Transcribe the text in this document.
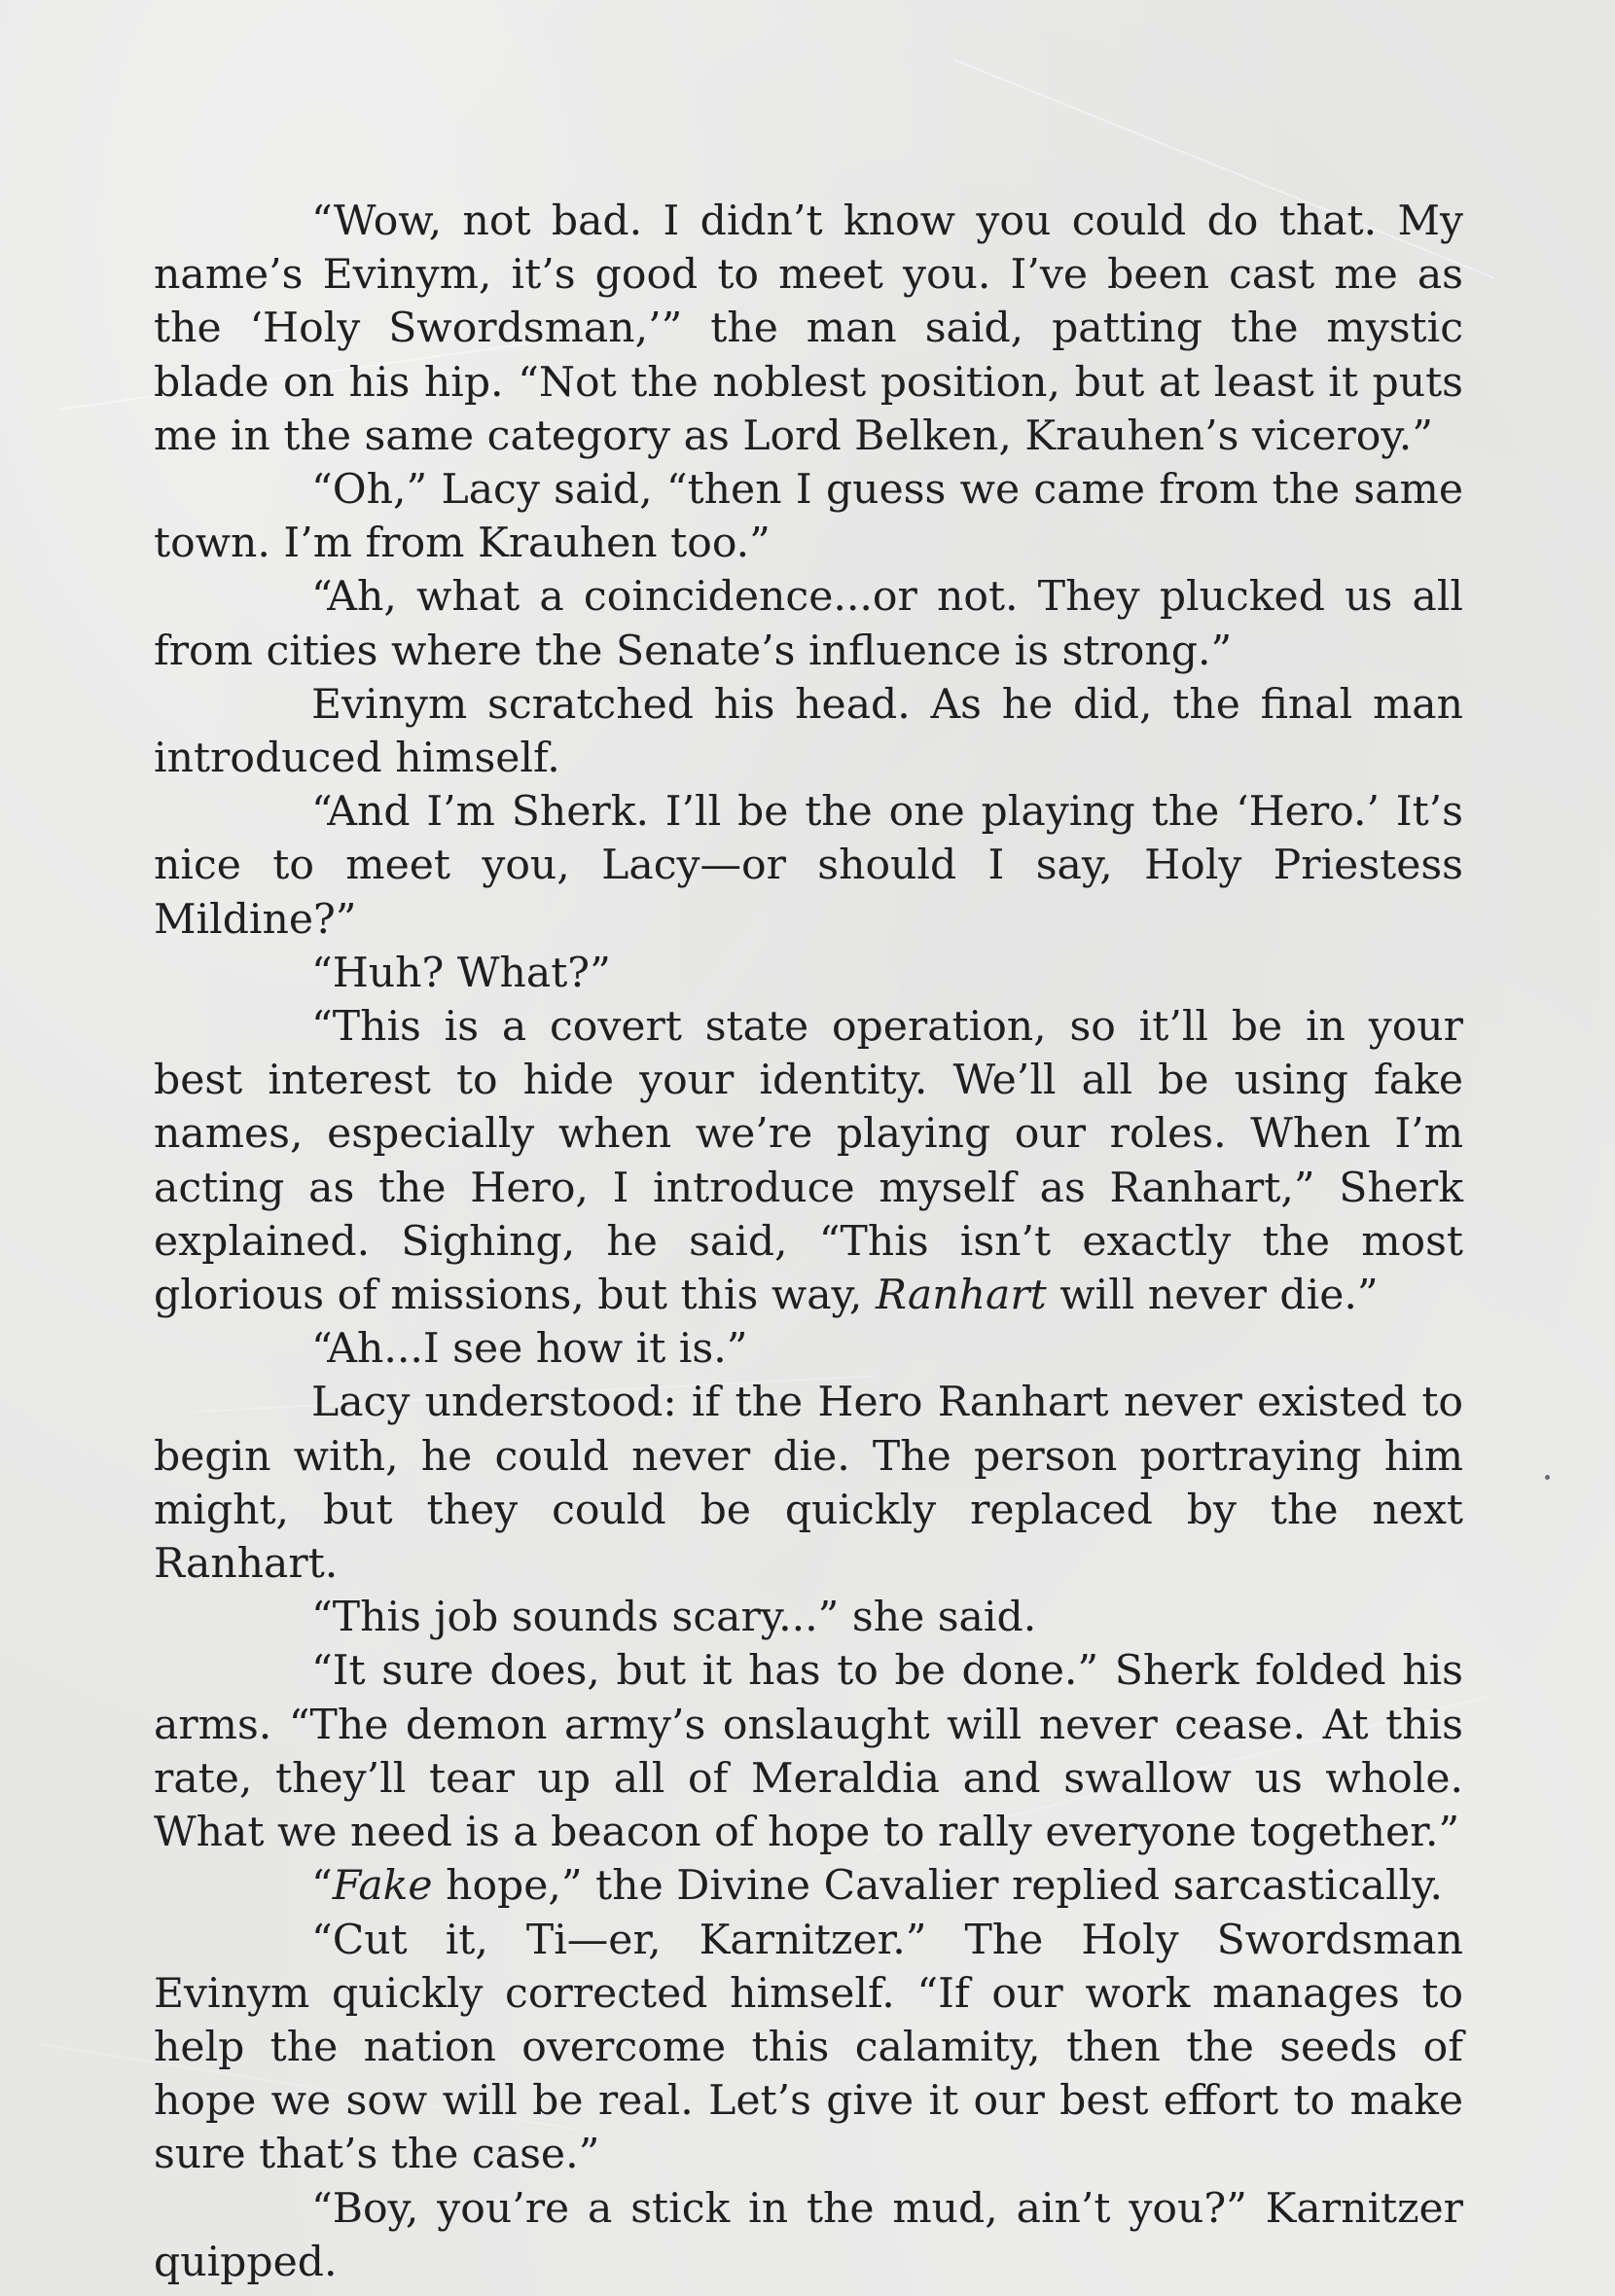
“Wow, not bad. I didn’t know you could do that. My name’s Evinym, it’s good to meet you. I’ve been cast me as the ‘Holy Swordsman,’” the man said, patting the mystic blade on his hip. “Not the noblest position, but at least it puts me in the same category as Lord Belken, Krauhen’s viceroy.”

“Oh,” Lacy said, “then I guess we came from the same town. I’m from Krauhen too.”

“Ah, what a coincidence...or not. They plucked us all from cities where the Senate’s influence is strong.”

Evinym scratched his head. As he did, the final man introduced himself.

“And I’m Sherk. I’ll be the one playing the ‘Hero.’ It’s nice to meet you, Lacy—or should I say, Holy Priestess Mildine?”

“Huh? What?”

“This is a covert state operation, so it’ll be in your best interest to hide your identity. We’ll all be using fake names, especially when we’re playing our roles. When I’m acting as the Hero, I introduce myself as Ranhart,” Sherk explained. Sighing, he said, “This isn’t exactly the most glorious of missions, but this way, Ranhart will never die.”

“Ah...I see how it is.”

Lacy understood: if the Hero Ranhart never existed to begin with, he could never die. The person portraying him might, but they could be quickly replaced by the next Ranhart.

“This job sounds scary...” she said.

“It sure does, but it has to be done.” Sherk folded his arms. “The demon army’s onslaught will never cease. At this rate, they’ll tear up all of Meraldia and swallow us whole. What we need is a beacon of hope to rally everyone together.”

“Fake hope,” the Divine Cavalier replied sarcastically.

“Cut it, Ti—er, Karnitzer.” The Holy Swordsman Evinym quickly corrected himself. “If our work manages to help the nation overcome this calamity, then the seeds of hope we sow will be real. Let’s give it our best effort to make sure that’s the case.”

“Boy, you’re a stick in the mud, ain’t you?” Karnitzer quipped.
